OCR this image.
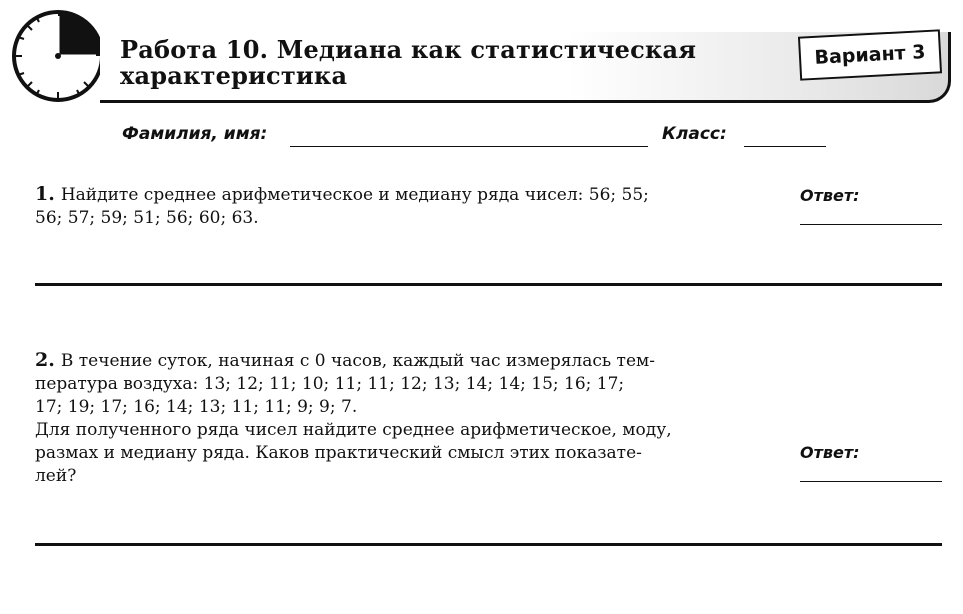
Работа 10. Медиана как статистическая
характеристика
Вариант 3
Фамилия, имя:	Класс:
1. Найдите среднее арифметическое и медиану ряда чисел: 56; 55;
56; 57; 59; 51; 56; 60; 63.
Ответ:
2. В течение суток, начиная с 0 часов, каждый час измерялась тем-
пература воздуха: 13; 12; 11; 10; 11; 11; 12; 13; 14; 14; 15; 16; 17;
17; 19; 17; 16; 14; 13; 11; 11; 9; 9; 7.
Для полученного ряда чисел найдите среднее арифметическое, моду,
размах и медиану ряда. Каков практический смысл этих показате-
лей?
Ответ:
